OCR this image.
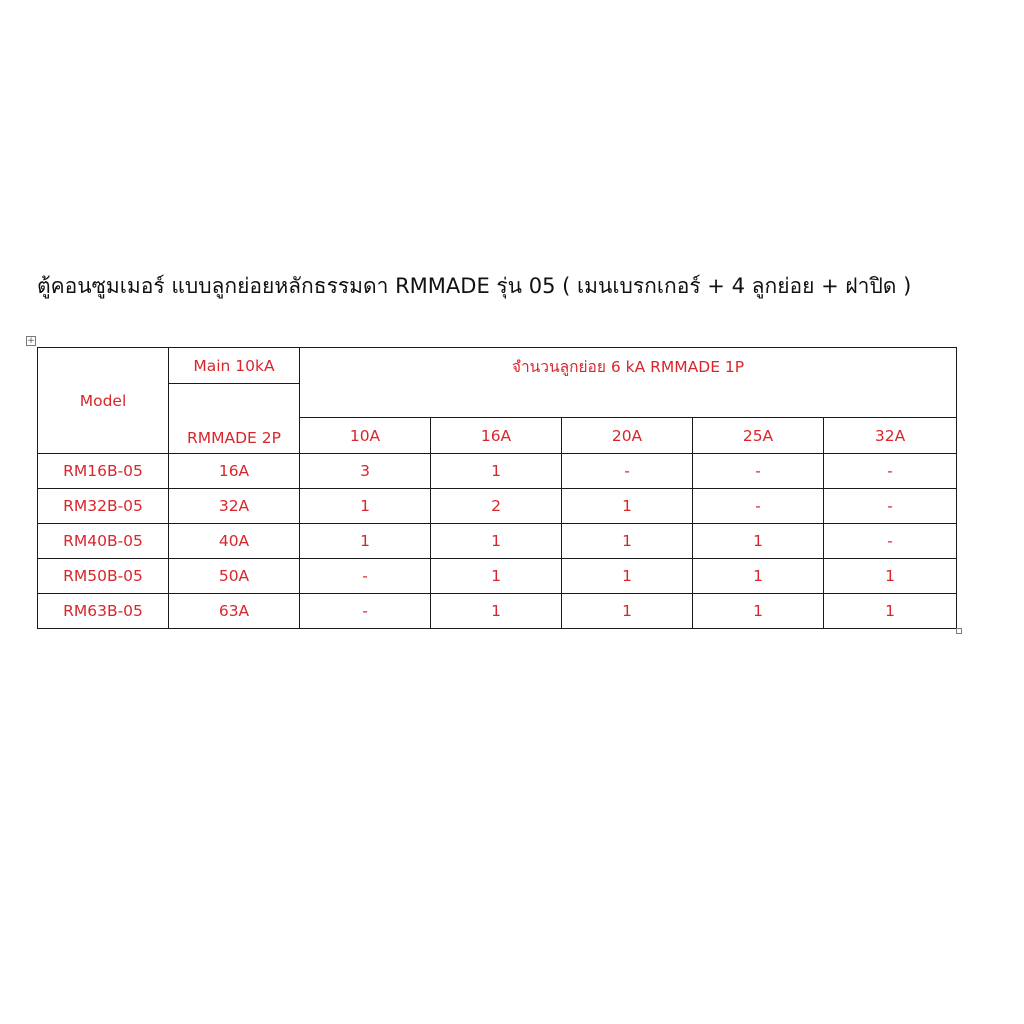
ตู้คอนซูมเมอร์ แบบลูกย่อยหลักธรรมดา RMMADE รุ่น 05 ( เมนเบรกเกอร์ + 4 ลูกย่อย + ฝาปิด )
+
Model	Main 10kA	จำนวนลูกย่อย 6 kA RMMADE 1P				
	RMMADE 2P					
		10A	16A	20A	25A	32A
RM16B-05	16A	3	1	-	-	-
RM32B-05	32A	1	2	1	-	-
RM40B-05	40A	1	1	1	1	-
RM50B-05	50A	-	1	1	1	1
RM63B-05	63A	-	1	1	1	1
